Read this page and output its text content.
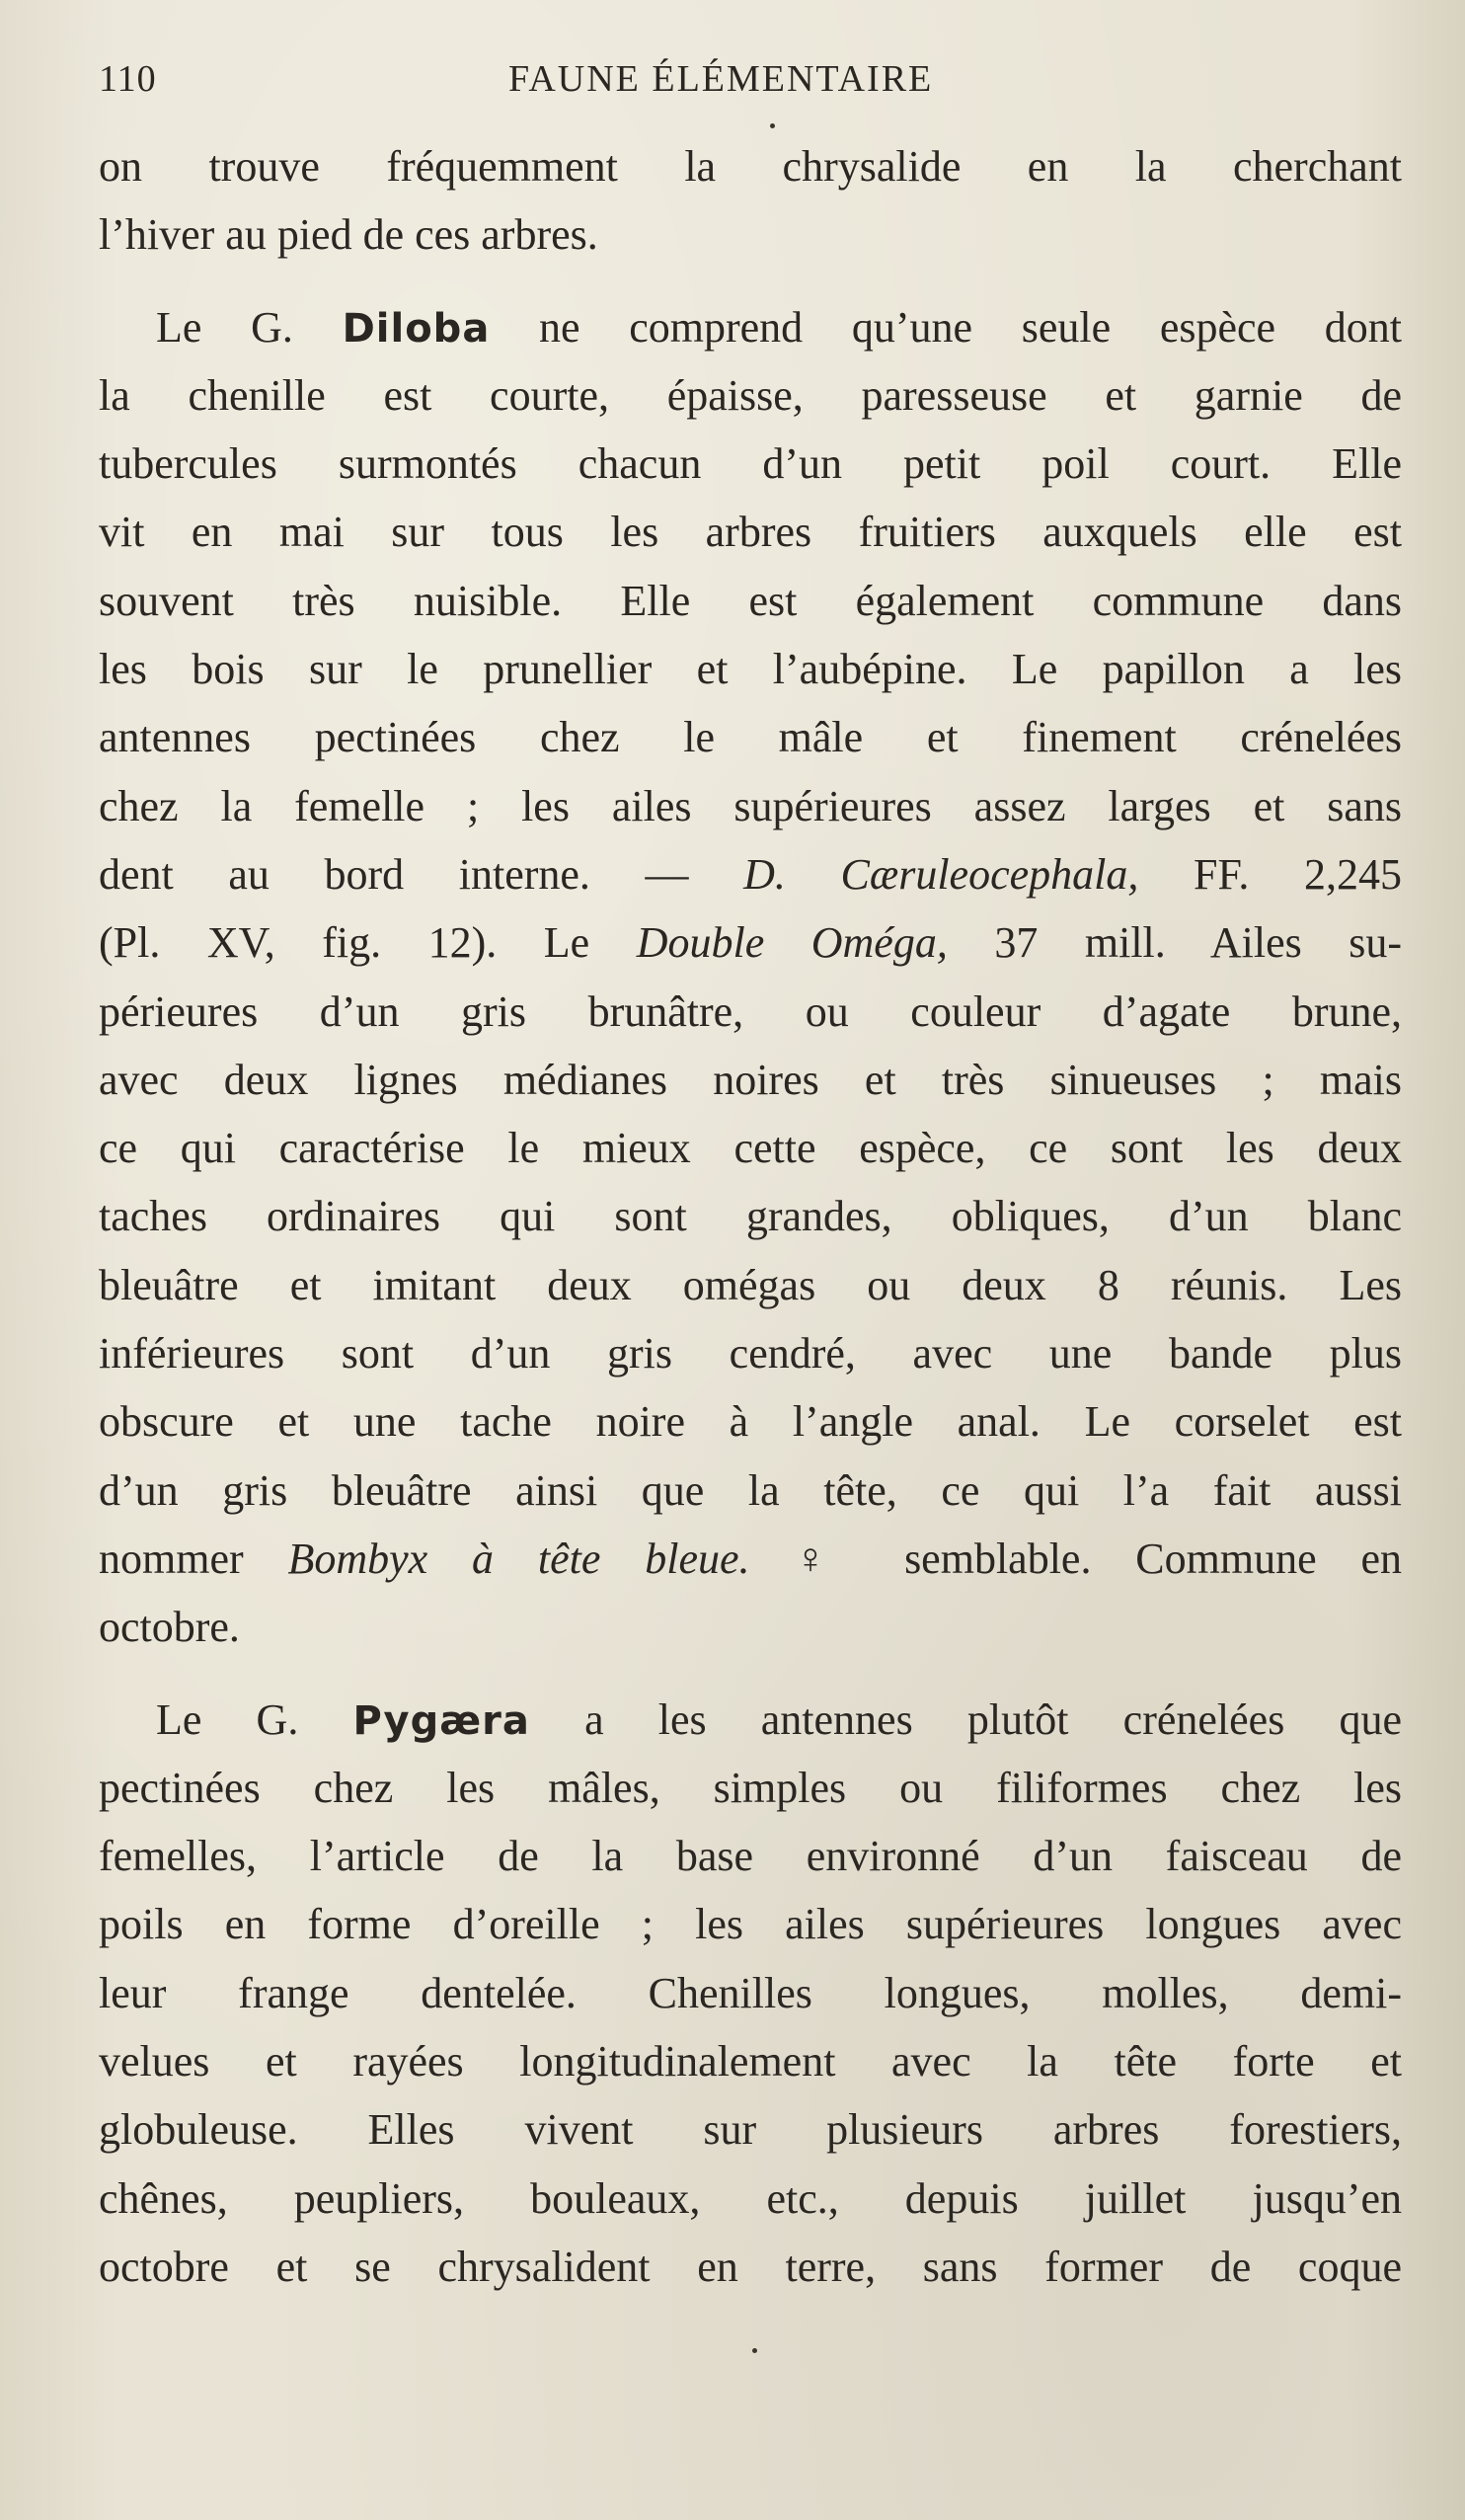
110	FAUNE ÉLÉMENTAIRE
on trouve fréquemment la chrysalide en la cherchant
l’hiver au pied de ces arbres.
Le G. Diloba ne comprend qu’une seule espèce dont
la chenille est courte, épaisse, paresseuse et garnie de
tubercules surmontés chacun d’un petit poil court. Elle
vit en mai sur tous les arbres fruitiers auxquels elle est
souvent très nuisible. Elle est également commune dans
les bois sur le prunellier et l’aubépine. Le papillon a les
antennes pectinées chez le mâle et finement crénelées
chez la femelle ; les ailes supérieures assez larges et sans
dent au bord interne. — D. Cæruleocephala, FF. 2,245
(Pl. XV, fig. 12). Le Double Oméga, 37 mill. Ailes su-
périeures d’un gris brunâtre, ou couleur d’agate brune,
avec deux lignes médianes noires et très sinueuses ; mais
ce qui caractérise le mieux cette espèce, ce sont les deux
taches ordinaires qui sont grandes, obliques, d’un blanc
bleuâtre et imitant deux omégas ou deux 8 réunis. Les
inférieures sont d’un gris cendré, avec une bande plus
obscure et une tache noire à l’angle anal. Le corselet est
d’un gris bleuâtre ainsi que la tête, ce qui l’a fait aussi
nommer Bombyx à tête bleue. ♀ semblable. Commune en
octobre.
Le G. Pygæra a les antennes plutôt crénelées que
pectinées chez les mâles, simples ou filiformes chez les
femelles, l’article de la base environné d’un faisceau de
poils en forme d’oreille ; les ailes supérieures longues avec
leur frange dentelée. Chenilles longues, molles, demi-
velues et rayées longitudinalement avec la tête forte et
globuleuse. Elles vivent sur plusieurs arbres forestiers,
chênes, peupliers, bouleaux, etc., depuis juillet jusqu’en
octobre et se chrysalident en terre, sans former de coque
